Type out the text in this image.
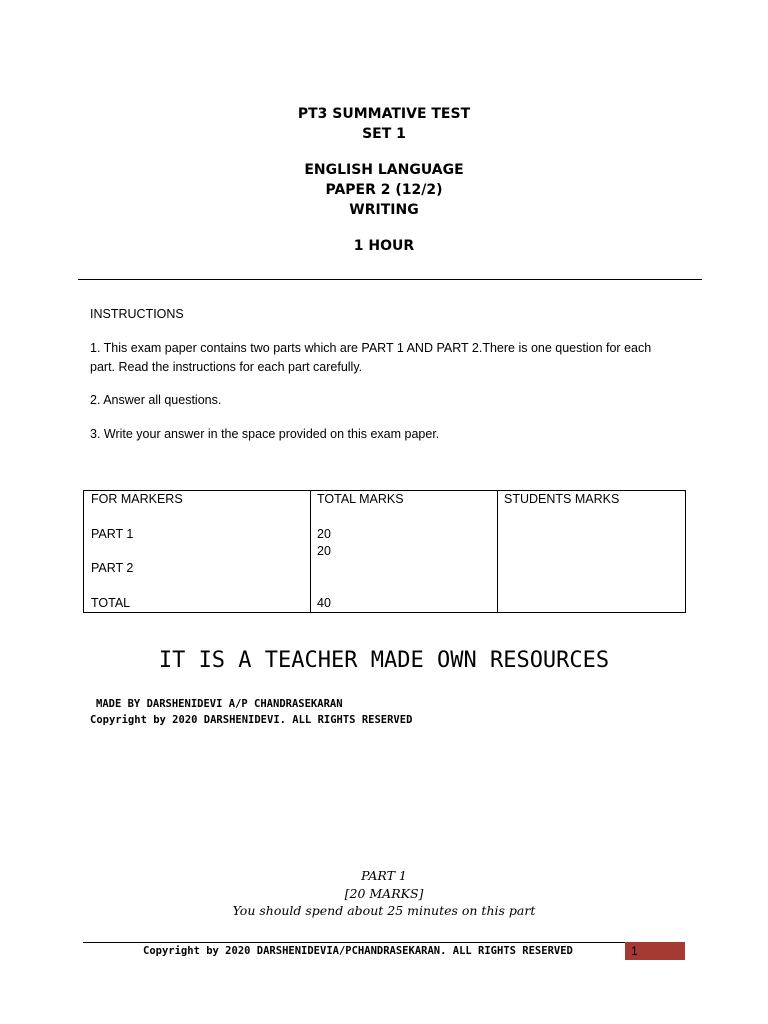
PT3 SUMMATIVE TEST
SET 1
ENGLISH LANGUAGE
PAPER 2 (12/2)
WRITING
1 HOUR
INSTRUCTIONS
1. This exam paper contains two parts which are PART 1 AND PART 2.There is one question for each
part. Read the instructions for each part carefully.
2. Answer all questions.
3. Write your answer in the space provided on this exam paper.
FOR MARKERS
PART 1
PART 2
TOTAL
TOTAL MARKS
20
20
40
STUDENTS MARKS
IT IS A TEACHER MADE OWN RESOURCES
MADE BY DARSHENIDEVI A/P CHANDRASEKARAN
Copyright by 2020 DARSHENIDEVI. ALL RIGHTS RESERVED
PART 1
[20 MARKS]
You should spend about 25 minutes on this part
Copyright by 2020 DARSHENIDEVIA/PCHANDRASEKARAN. ALL RIGHTS RESERVED	1
